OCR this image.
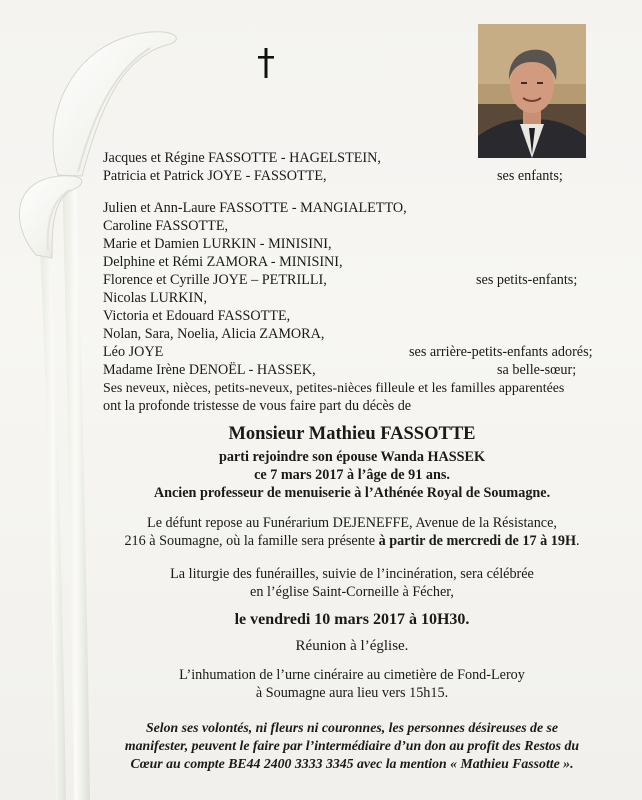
Jacques et Régine FASSOTTE - HAGELSTEIN,
Patricia et Patrick JOYE - FASSOTTE,	ses enfants;
Julien et Ann-Laure FASSOTTE - MANGIALETTO,
Caroline FASSOTTE,
Marie et Damien LURKIN - MINISINI,
Delphine et Rémi ZAMORA - MINISINI,
Florence et Cyrille JOYE – PETRILLI,	ses petits-enfants;
Nicolas LURKIN,
Victoria et Edouard FASSOTTE,
Nolan, Sara, Noelia, Alicia ZAMORA,
Léo JOYE	ses arrière-petits-enfants adorés;
Madame Irène DENOËL - HASSEK,	sa belle-sœur;
Ses neveux, nièces, petits-neveux, petites-nièces filleule et les familles apparentées
ont la profonde tristesse de vous faire part du décès de
Monsieur Mathieu FASSOTTE
parti rejoindre son épouse Wanda HASSEK
ce 7 mars 2017 à l’âge de 91 ans.
Ancien professeur de menuiserie à l’Athénée Royal de Soumagne.
Le défunt repose au Funérarium DEJENEFFE, Avenue de la Résistance,
216 à Soumagne, où la famille sera présente à partir de mercredi de 17 à 19H.
La liturgie des funérailles, suivie de l’incinération, sera célébrée
en l’église Saint-Corneille à Fécher,
le vendredi 10 mars 2017 à 10H30.
Réunion à l’église.
L’inhumation de l’urne cinéraire au cimetière de Fond-Leroy
à Soumagne aura lieu vers 15h15.
Selon ses volontés, ni fleurs ni couronnes, les personnes désireuses de se
manifester, peuvent le faire par l’intermédiaire d’un don au profit des Restos du
Cœur au compte BE44 2400 3333 3345 avec la mention « Mathieu Fassotte ».
